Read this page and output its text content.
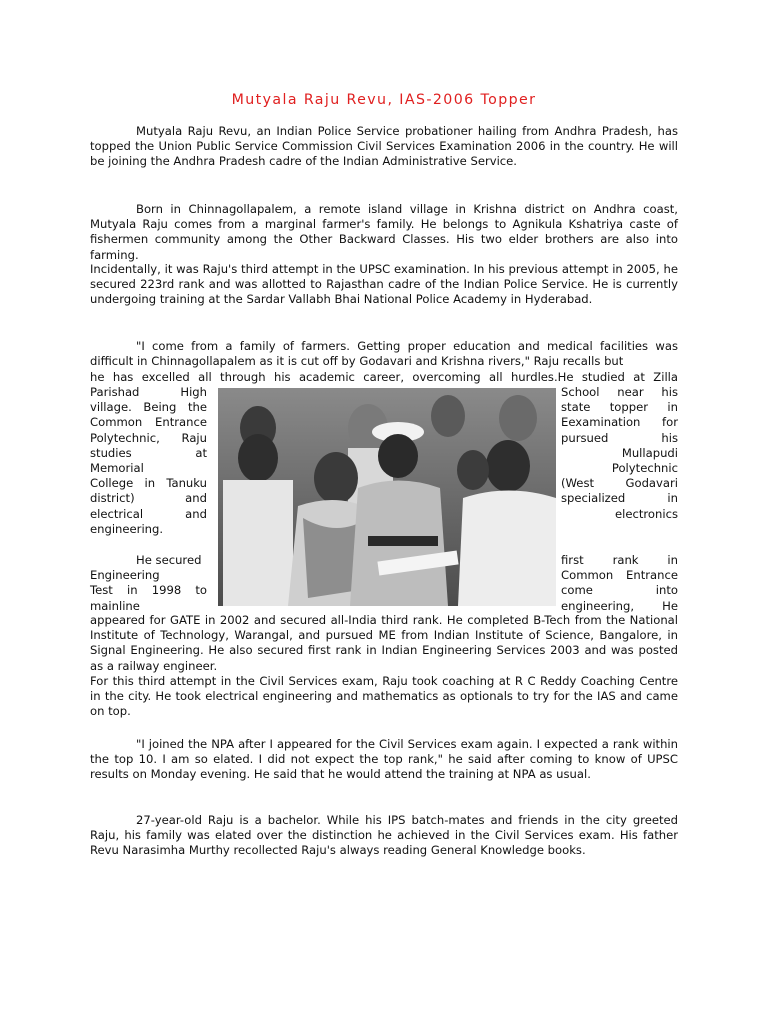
Mutyala Raju Revu, IAS-2006 Topper

Mutyala Raju Revu, an Indian Police Service probationer hailing from Andhra Pradesh, has topped the Union Public Service Commission Civil Services Examination 2006 in the country. He will be joining the Andhra Pradesh cadre of the Indian Administrative Service.

Born in Chinnagollapalem, a remote island village in Krishna district on Andhra coast, Mutyala Raju comes from a marginal farmer's family. He belongs to Agnikula Kshatriya caste of fishermen community among the Other Backward Classes. His two elder brothers are also into farming.

Incidentally, it was Raju's third attempt in the UPSC examination. In his previous attempt in 2005, he secured 223rd rank and was allotted to Rajasthan cadre of the Indian Police Service. He is currently undergoing training at the Sardar Vallabh Bhai National Police Academy in Hyderabad.

"I come from a family of farmers. Getting proper education and medical facilities was difficult in Chinnagollapalem as it is cut off by Godavari and Krishna rivers," Raju recalls but

he has excelled all through his academic career, overcoming all hurdles.He studied at Zilla
Parishad High
village. Being the
Common Entrance
Polytechnic, Raju
studies at
Memorial
College in Tanuku
district) and
electrical and
engineering.
School near his
state topper in
Eexamination for
pursued his
Mullapudi
Polytechnic
(West Godavari
specialized in
electronics
He secured
Engineering
Test in 1998 to
mainline
first rank in
Common Entrance
come into
engineering, He

appeared for GATE in 2002 and secured all-India third rank. He completed B-Tech from the National Institute of Technology, Warangal, and pursued ME from Indian Institute of Science, Bangalore, in Signal Engineering. He also secured first rank in Indian Engineering Services 2003 and was posted as a railway engineer.

For this third attempt in the Civil Services exam, Raju took coaching at R C Reddy Coaching Centre in the city. He took electrical engineering and mathematics as optionals to try for the IAS and came on top.

"I joined the NPA after I appeared for the Civil Services exam again. I expected a rank within the top 10. I am so elated. I did not expect the top rank," he said after coming to know of UPSC results on Monday evening. He said that he would attend the training at NPA as usual.

27-year-old Raju is a bachelor. While his IPS batch-mates and friends in the city greeted Raju, his family was elated over the distinction he achieved in the Civil Services exam. His father Revu Narasimha Murthy recollected Raju's always reading General Knowledge books.
